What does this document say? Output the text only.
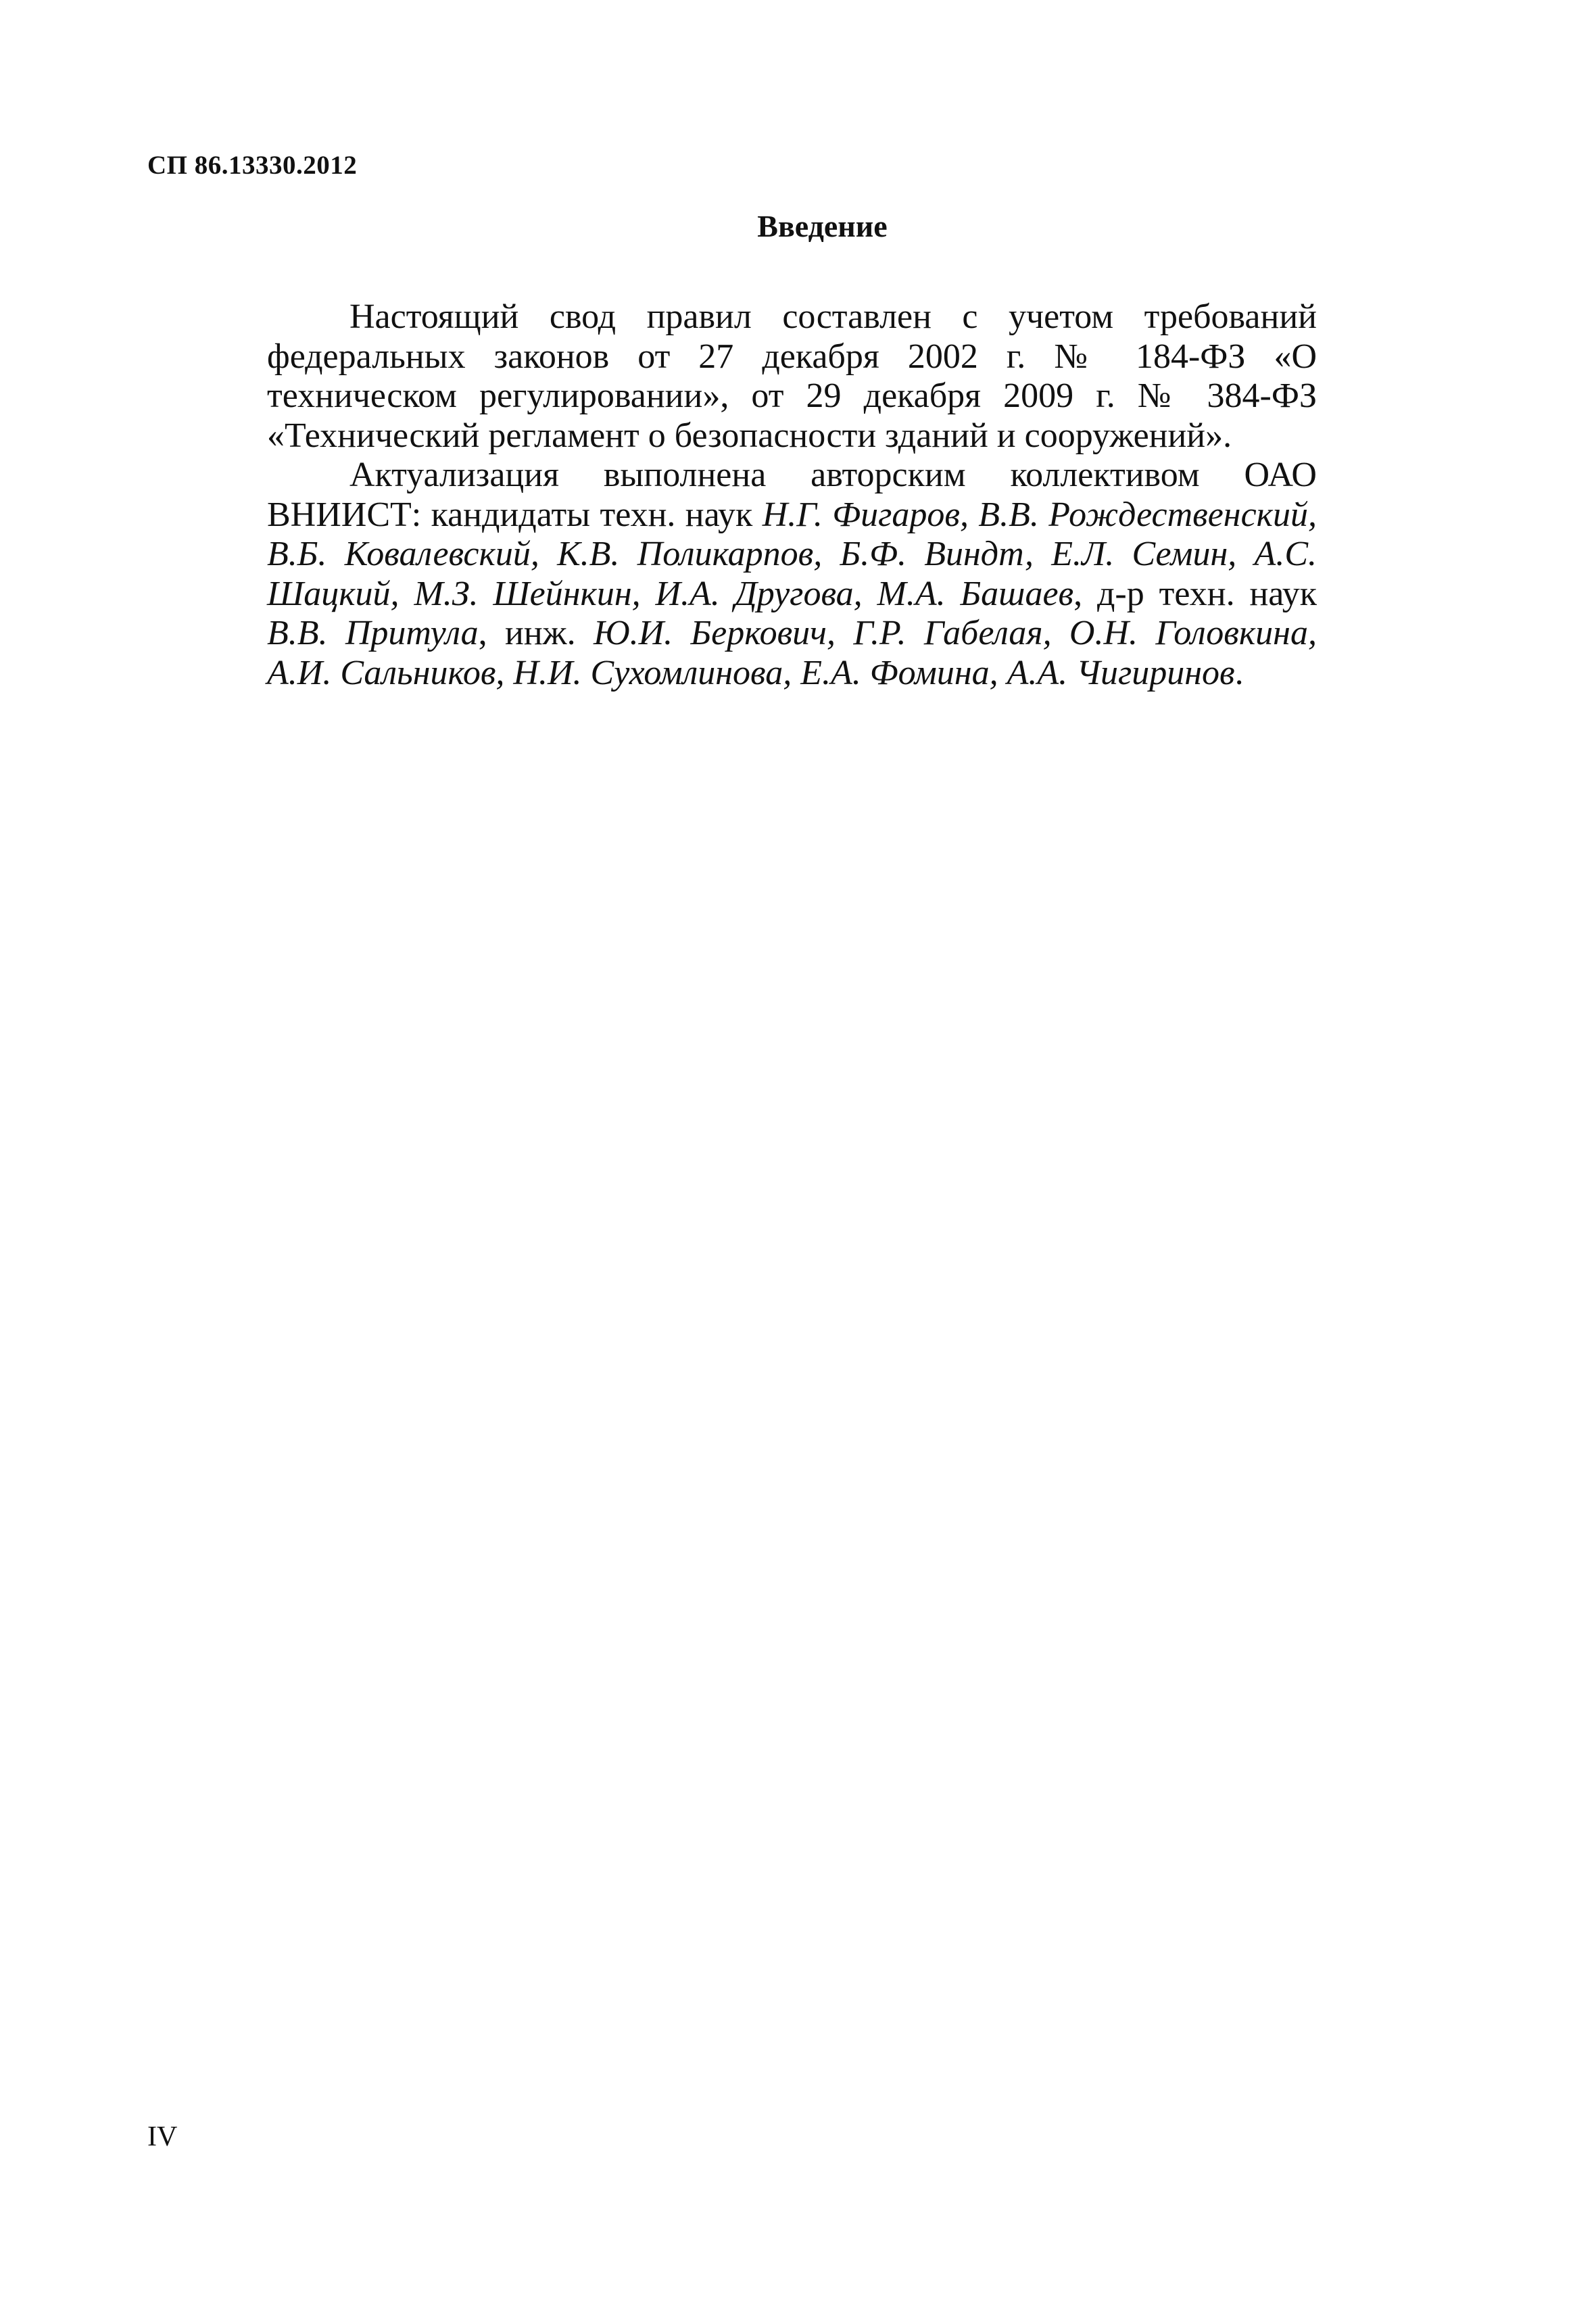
СП 86.13330.2012
Введение

Настоящий свод правил составлен с учетом требований федеральных законов от 27 декабря 2002 г. № 184-ФЗ «О техническом регулировании», от 29 декабря 2009 г. № 384-ФЗ «Технический регламент о безопасности зданий и сооружений».

Актуализация выполнена авторским коллективом ОАО ВНИИСТ: кандидаты техн. наук Н.Г. Фигаров, В.В. Рождественский, В.Б. Ковалевский, К.В. Поликарпов, Б.Ф. Виндт, Е.Л. Семин, А.С. Шацкий, М.З. Шейнкин, И.А. Другова, М.А. Башаев, д-р техн. наук В.В. Притула, инж. Ю.И. Беркович, Г.Р. Габелая, О.Н. Головкина, А.И. Сальников, Н.И. Сухомлинова, Е.А. Фомина, А.А. Чигиринов.

IV
